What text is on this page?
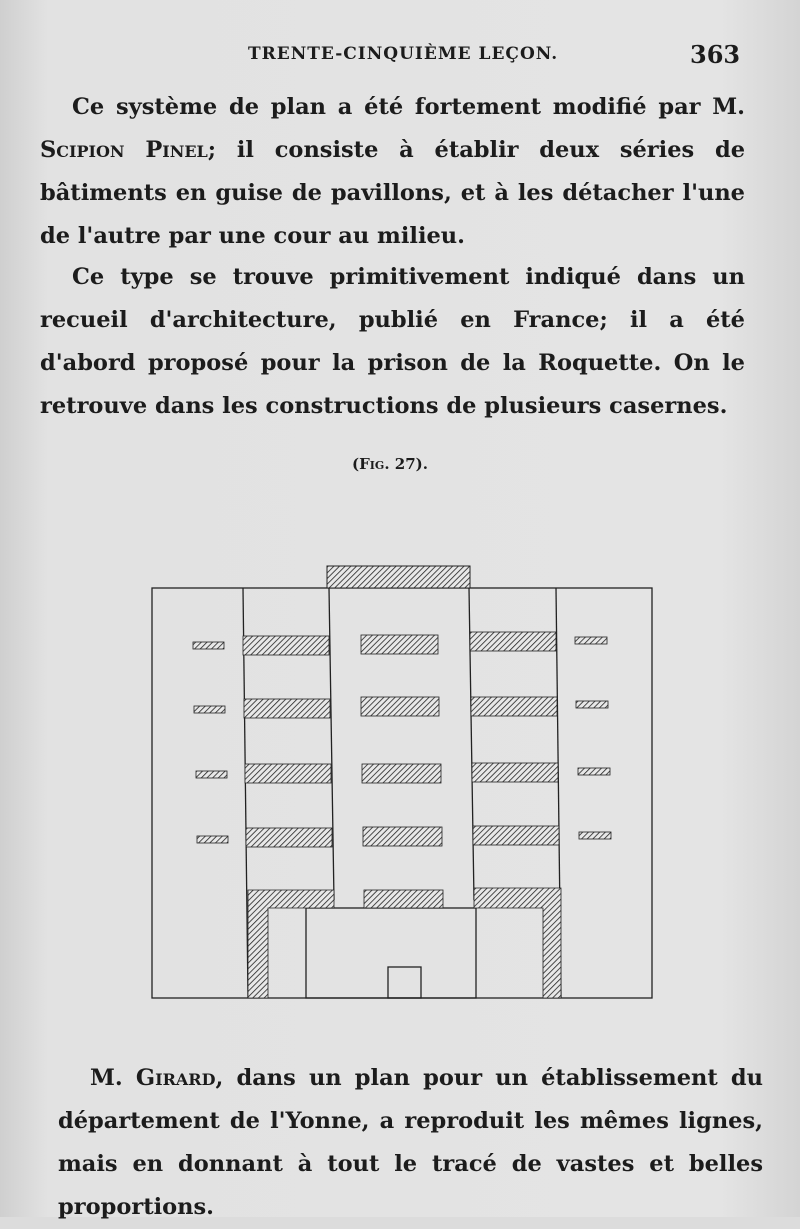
TRENTE-CINQUIÈME LEÇON.	363

Ce système de plan a été fortement modifié par M. Scipion Pinel; il consiste à établir deux séries de bâtiments en guise de pavillons, et à les détacher l'une de l'autre par une cour au milieu.

Ce type se trouve primitivement indiqué dans un recueil d'architecture, publié en France; il a été d'abord proposé pour la prison de la Roquette. On le retrouve dans les constructions de plusieurs casernes.

(Fig. 27).

M. Girard, dans un plan pour un établissement du département de l'Yonne, a reproduit les mêmes lignes, mais en donnant à tout le tracé de vastes et belles proportions.
